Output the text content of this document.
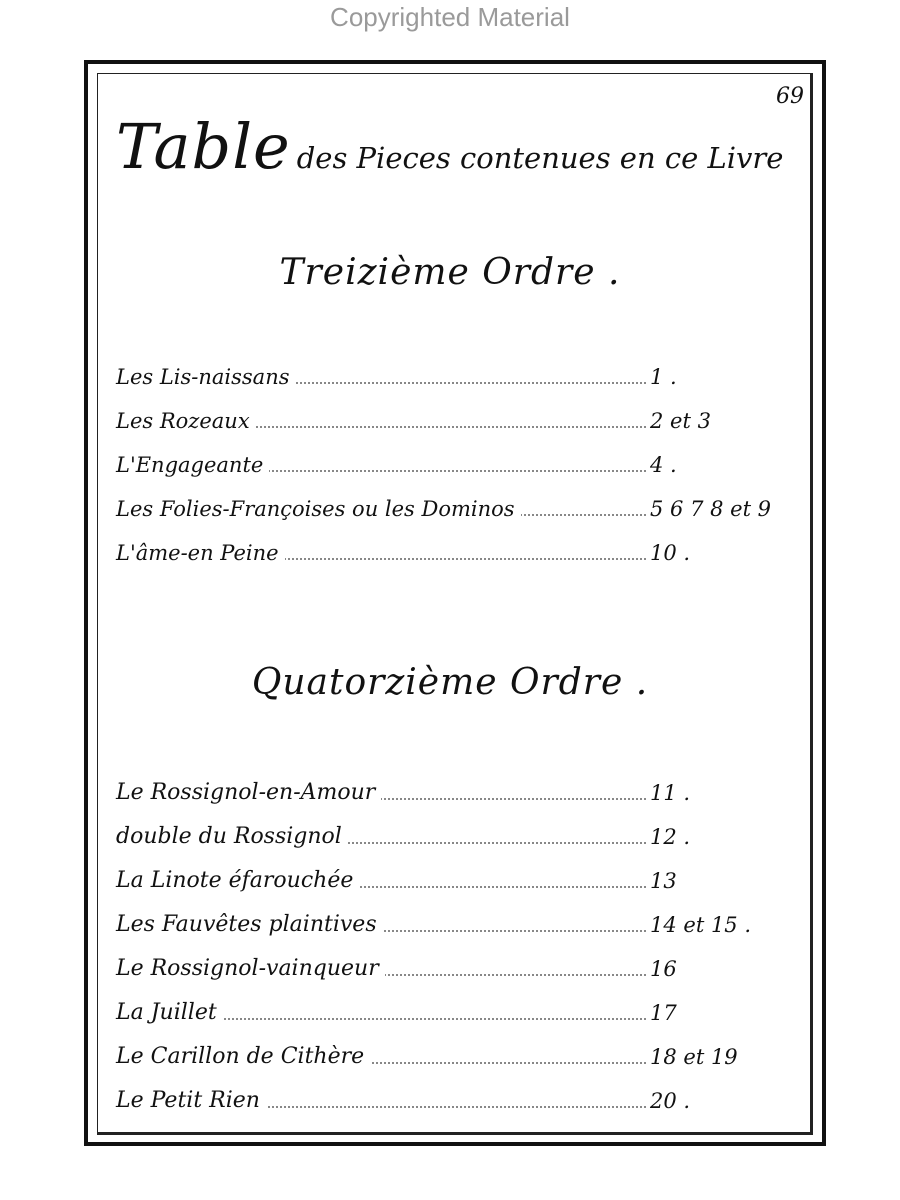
Copyrighted Material
69
Table des Pieces contenues en ce Livre
Treizième Ordre .
Les Lis-naissans	1 .
Les Rozeaux	2 et 3
L'Engageante	4 .
Les Folies-Françoises ou les Dominos	5 6 7 8 et 9
L'âme-en Peine	10 .
Quatorzième Ordre .
Le Rossignol-en-Amour	11 .
double du Rossignol	12 .
La Linote éfarouchée	13
Les Fauvêtes plaintives	14 et 15 .
Le Rossignol-vainqueur	16
La Juillet	17
Le Carillon de Cithère	18 et 19
Le Petit Rien	20 .
